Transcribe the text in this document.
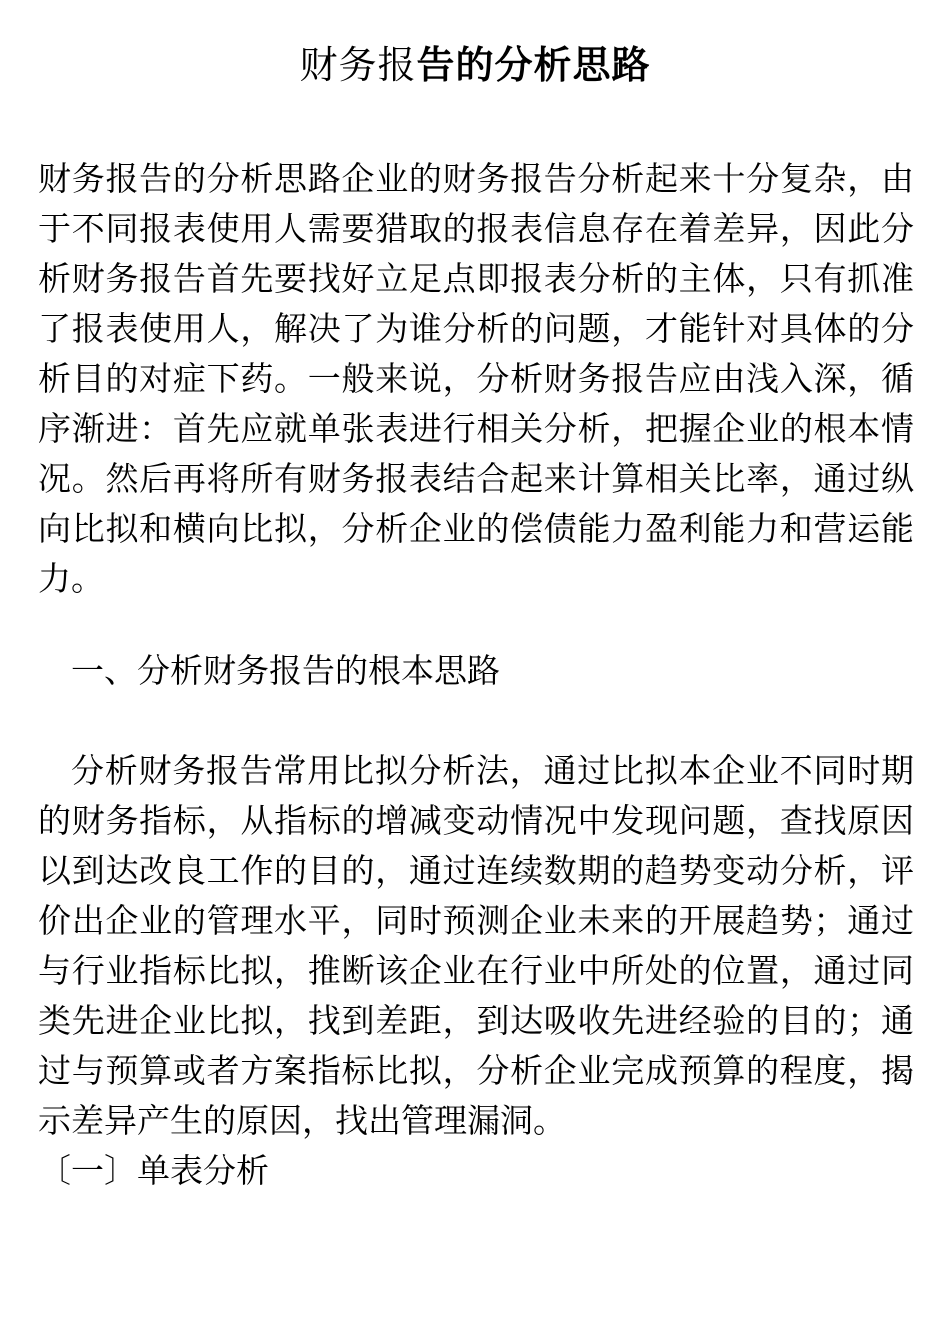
财务报告的分析思路

财务报告的分析思路企业的财务报告分析起来十分复杂，由于不同报表使用人需要猎取的报表信息存在着差异，因此分析财务报告首先要找好立足点即报表分析的主体，只有抓准了报表使用人，解决了为谁分析的问题，才能针对具体的分析目的对症下药。一般来说，分析财务报告应由浅入深，循序渐进：首先应就单张表进行相关分析，把握企业的根本情况。然后再将所有财务报表结合起来计算相关比率，通过纵向比拟和横向比拟，分析企业的偿债能力盈利能力和营运能力。

一、分析财务报告的根本思路

分析财务报告常用比拟分析法，通过比拟本企业不同时期的财务指标，从指标的增减变动情况中发现问题，查找原因以到达改良工作的目的，通过连续数期的趋势变动分析，评价出企业的管理水平，同时预测企业未来的开展趋势；通过与行业指标比拟，推断该企业在行业中所处的位置，通过同类先进企业比拟，找到差距，到达吸收先进经验的目的；通过与预算或者方案指标比拟，分析企业完成预算的程度，揭示差异产生的原因，找出管理漏洞。

〔一〕单表分析
